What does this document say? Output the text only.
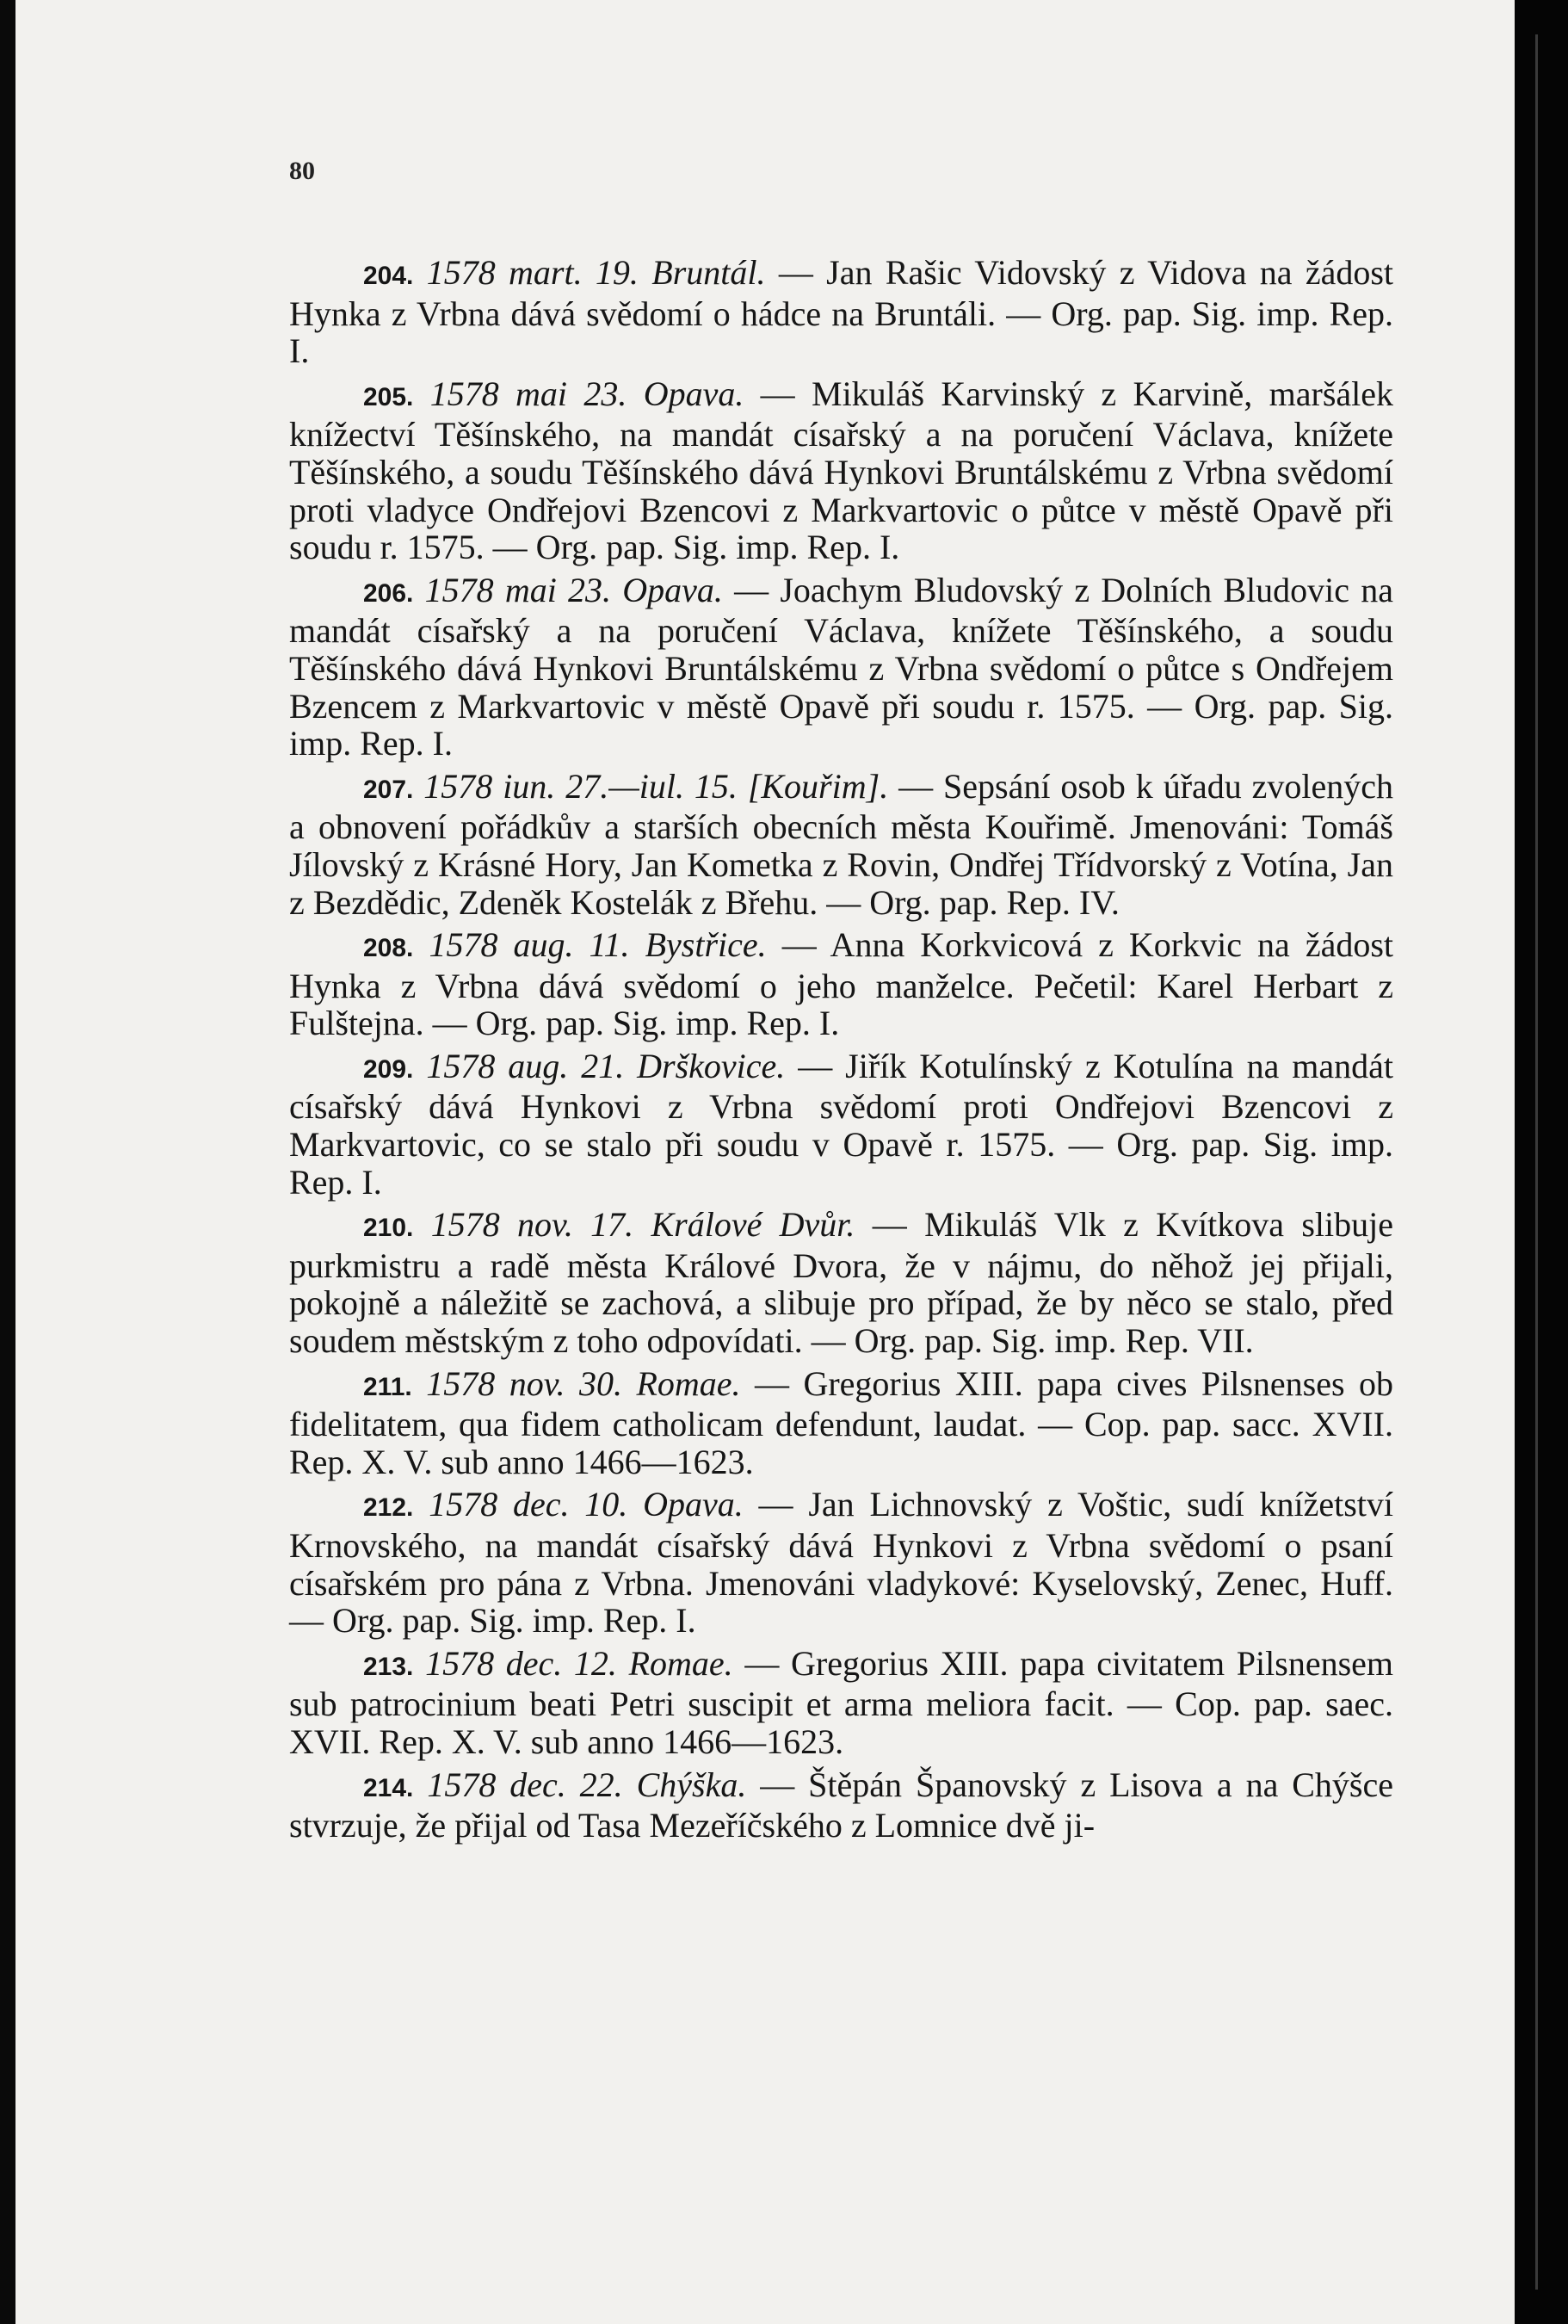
80

204. 1578 mart. 19. Bruntál. — Jan Rašic Vidovský z Vidova na žádost Hynka z Vrbna dává svědomí o hádce na Bruntáli. — Org. pap. Sig. imp. Rep. I.

205. 1578 mai 23. Opava. — Mikuláš Karvinský z Karvině, maršálek knížectví Těšínského, na mandát císařský a na poručení Václava, knížete Těšínského, a soudu Těšínského dává Hynkovi Bruntálskému z Vrbna svědomí proti vladyce Ondřejovi Bzencovi z Markvartovic o půtce v městě Opavě při soudu r. 1575. — Org. pap. Sig. imp. Rep. I.

206. 1578 mai 23. Opava. — Joachym Bludovský z Dolních Bludovic na mandát císařský a na poručení Václava, knížete Těšínského, a soudu Těšínského dává Hynkovi Bruntálskému z Vrbna svědomí o půtce s Ondřejem Bzencem z Markvartovic v městě Opavě při soudu r. 1575. — Org. pap. Sig. imp. Rep. I.

207. 1578 iun. 27.—iul. 15. [Kouřim]. — Sepsání osob k úřadu zvolených a obnovení pořádkův a starších obecních města Kouřimě. Jmenováni: Tomáš Jílovský z Krásné Hory, Jan Kometka z Rovin, Ondřej Třídvorský z Votína, Jan z Bezdědic, Zdeněk Kostelák z Břehu. — Org. pap. Rep. IV.

208. 1578 aug. 11. Bystřice. — Anna Korkvicová z Korkvic na žádost Hynka z Vrbna dává svědomí o jeho manželce. Pečetil: Karel Herbart z Fulštejna. — Org. pap. Sig. imp. Rep. I.

209. 1578 aug. 21. Drškovice. — Jiřík Kotulínský z Kotulína na mandát císařský dává Hynkovi z Vrbna svědomí proti Ondřejovi Bzencovi z Markvartovic, co se stalo při soudu v Opavě r. 1575. — Org. pap. Sig. imp. Rep. I.

210. 1578 nov. 17. Králové Dvůr. — Mikuláš Vlk z Kvítkova slibuje purkmistru a radě města Králové Dvora, že v nájmu, do něhož jej přijali, pokojně a náležitě se zachová, a slibuje pro případ, že by něco se stalo, před soudem městským z toho odpovídati. — Org. pap. Sig. imp. Rep. VII.

211. 1578 nov. 30. Romae. — Gregorius XIII. papa cives Pilsnenses ob fidelitatem, qua fidem catholicam defendunt, laudat. — Cop. pap. sacc. XVII. Rep. X. V. sub anno 1466—1623.

212. 1578 dec. 10. Opava. — Jan Lichnovský z Voštic, sudí knížetství Krnovského, na mandát císařský dává Hynkovi z Vrbna svědomí o psaní císařském pro pána z Vrbna. Jmenováni vladykové: Kyselovský, Zenec, Huff. — Org. pap. Sig. imp. Rep. I.

213. 1578 dec. 12. Romae. — Gregorius XIII. papa civitatem Pilsnensem sub patrocinium beati Petri suscipit et arma meliora facit. — Cop. pap. saec. XVII. Rep. X. V. sub anno 1466—1623.

214. 1578 dec. 22. Chýška. — Štěpán Španovský z Lisova a na Chýšce stvrzuje, že přijal od Tasa Mezeříčského z Lomnice dvě ji-
